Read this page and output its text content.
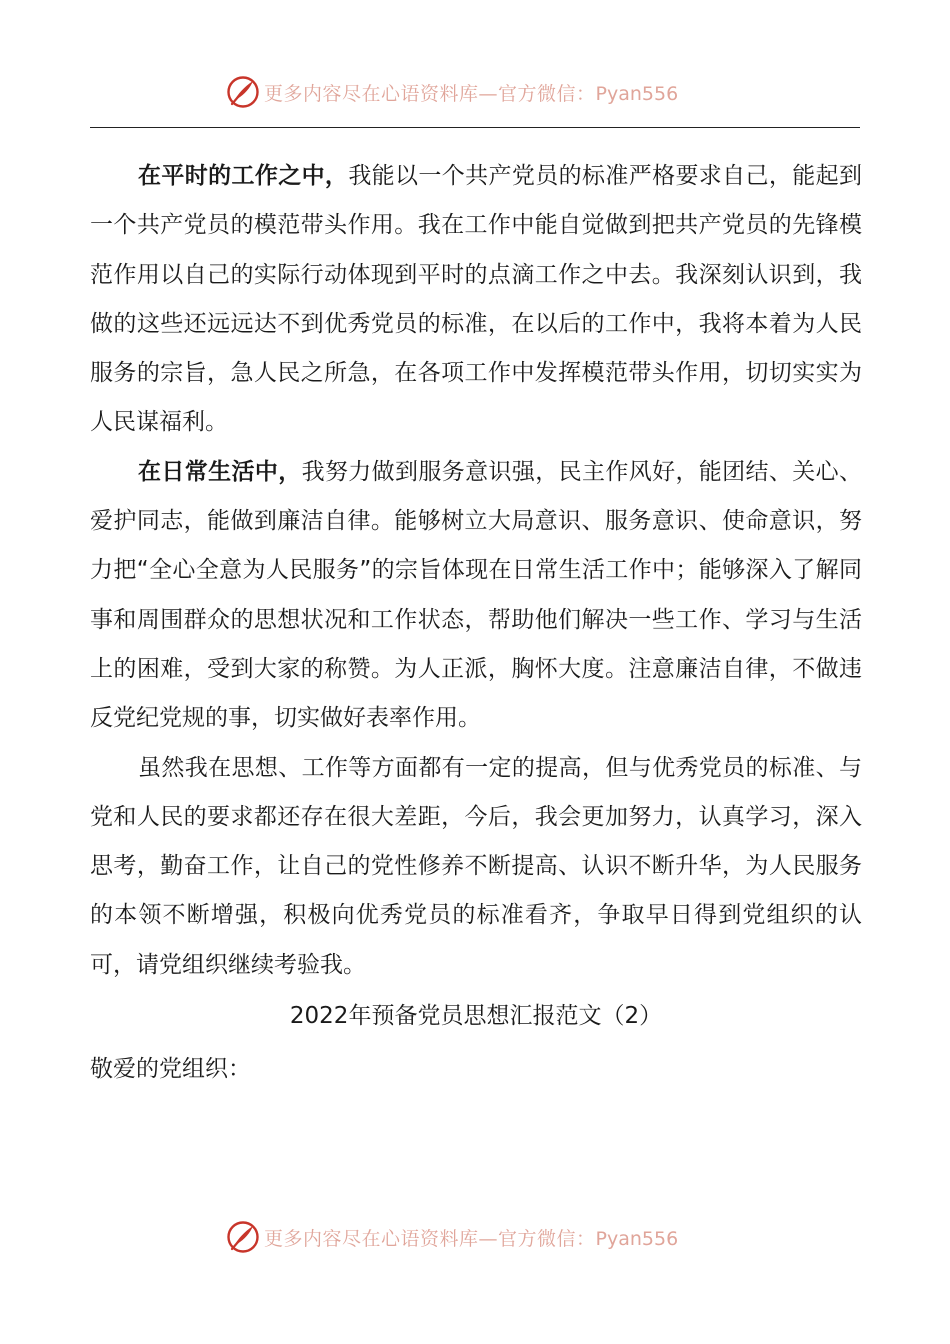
更多内容尽在心语资料库—官方微信：Pyan556

在平时的工作之中，我能以一个共产党员的标准严格要求自己，能起到一个共产党员的模范带头作用。我在工作中能自觉做到把共产党员的先锋模范作用以自己的实际行动体现到平时的点滴工作之中去。我深刻认识到，我做的这些还远远达不到优秀党员的标准，在以后的工作中，我将本着为人民服务的宗旨，急人民之所急，在各项工作中发挥模范带头作用，切切实实为人民谋福利。

在日常生活中，我努力做到服务意识强，民主作风好，能团结、关心、爱护同志，能做到廉洁自律。能够树立大局意识、服务意识、使命意识，努力把“全心全意为人民服务”的宗旨体现在日常生活工作中；能够深入了解同事和周围群众的思想状况和工作状态，帮助他们解决一些工作、学习与生活上的困难，受到大家的称赞。为人正派，胸怀大度。注意廉洁自律，不做违反党纪党规的事，切实做好表率作用。

虽然我在思想、工作等方面都有一定的提高，但与优秀党员的标准、与党和人民的要求都还存在很大差距，今后，我会更加努力，认真学习，深入思考，勤奋工作，让自己的党性修养不断提高、认识不断升华，为人民服务的本领不断增强，积极向优秀党员的标准看齐，争取早日得到党组织的认可，请党组织继续考验我。

2022年预备党员思想汇报范文（2）

敬爱的党组织：

更多内容尽在心语资料库—官方微信：Pyan556
